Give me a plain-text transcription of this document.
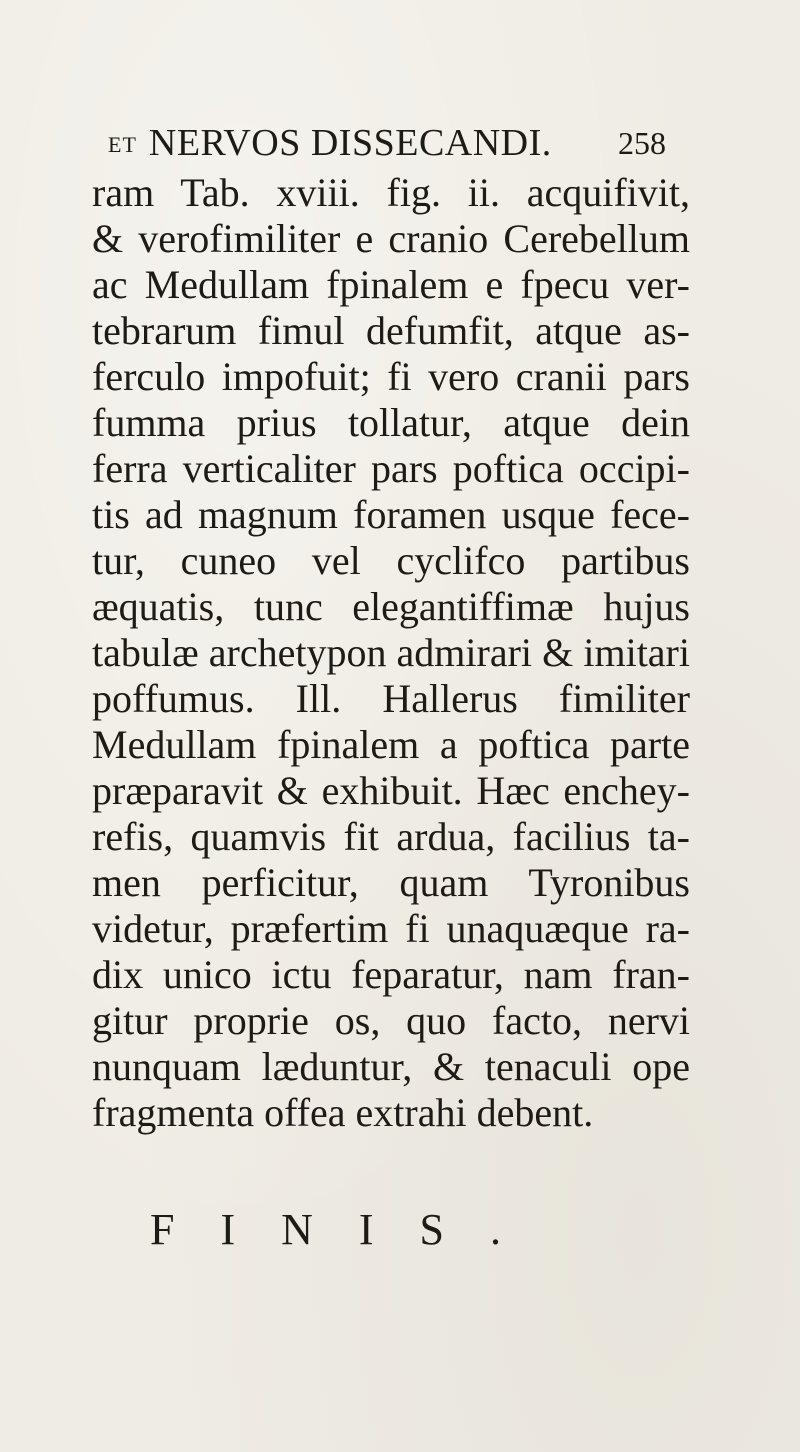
ET NERVOS DISSECANDI. 258
ram Tab. xviii. fig. ii. acquifivit,
& verofimiliter e cranio Cerebellum
ac Medullam fpinalem e fpecu ver-
tebrarum fimul defumfit, atque as-
ferculo impofuit; fi vero cranii pars
fumma prius tollatur, atque dein
ferra verticaliter pars poftica occipi-
tis ad magnum foramen usque fece-
tur, cuneo vel cyclifco partibus
æquatis, tunc elegantiffimæ hujus
tabulæ archetypon admirari & imitari
poffumus. Ill. Hallerus fimiliter
Medullam fpinalem a poftica parte
præparavit & exhibuit. Hæc enchey-
refis, quamvis fit ardua, facilius ta-
men perficitur, quam Tyronibus
videtur, præfertim fi unaquæque ra-
dix unico ictu feparatur, nam fran-
gitur proprie os, quo facto, nervi
nunquam læduntur, & tenaculi ope
fragmenta offea extrahi debent.
FINIS.
